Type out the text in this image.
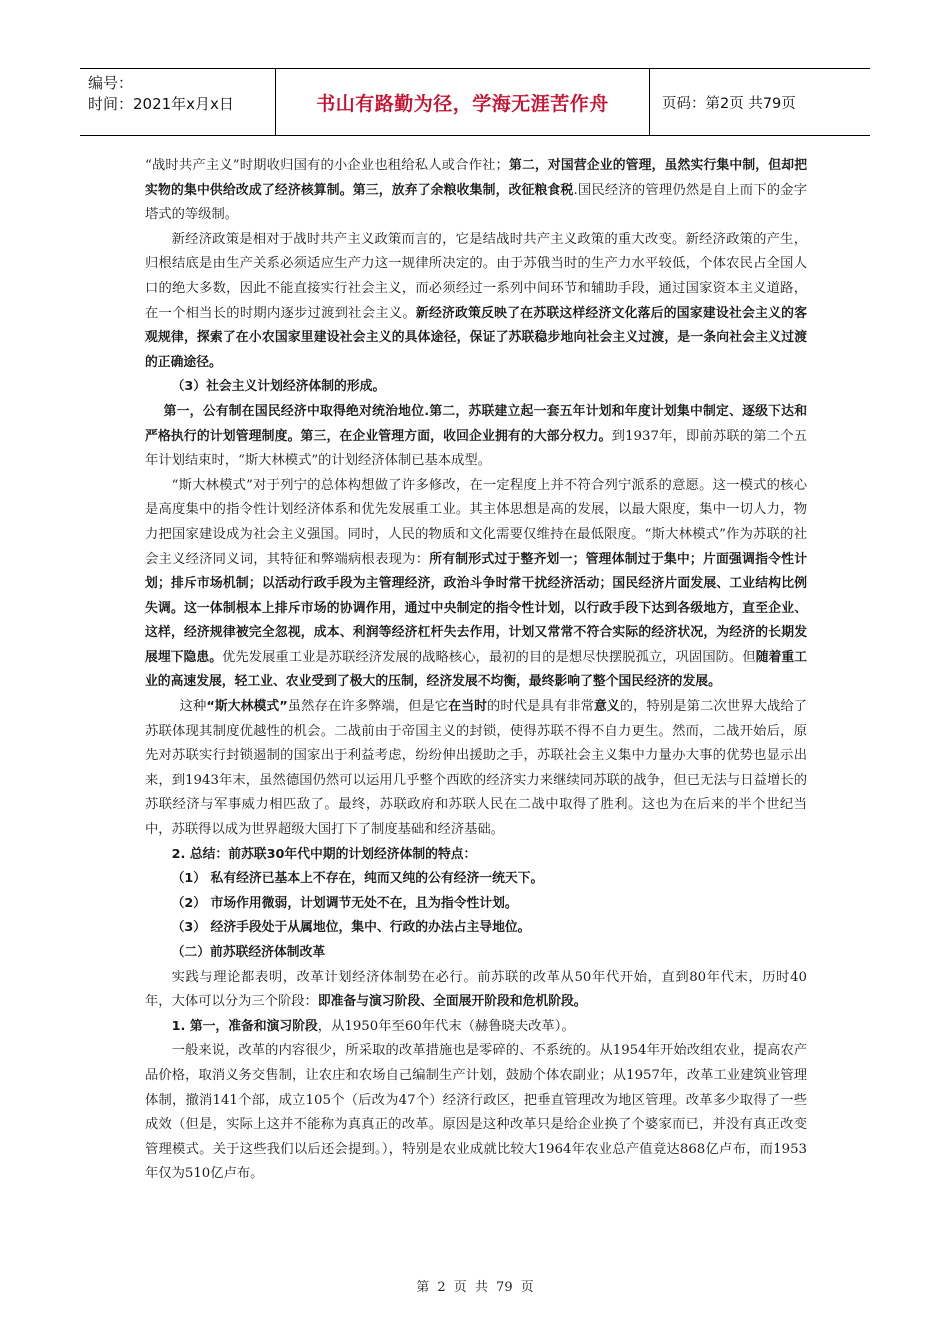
编号：
时间：2021年x月x日	书山有路勤为径，学海无涯苦作舟	页码：第2页 共79页

“战时共产主义”时期收归国有的小企业也租给私人或合作社；第二，对国营企业的管理，虽然实行集中制，但却把实物的集中供给改成了经济核算制。第三，放弃了余粮收集制，改征粮食税.国民经济的管理仍然是自上而下的金字塔式的等级制。

新经济政策是相对于战时共产主义政策而言的，它是结战时共产主义政策的重大改变。新经济政策的产生，归根结底是由生产关系必须适应生产力这一规律所决定的。由于苏俄当时的生产力水平较低，个体农民占全国人口的绝大多数，因此不能直接实行社会主义，而必须经过一系列中间环节和辅助手段，通过国家资本主义道路，在一个相当长的时期内逐步过渡到社会主义。新经济政策反映了在苏联这样经济文化落后的国家建设社会主义的客观规律，探索了在小农国家里建设社会主义的具体途径，保证了苏联稳步地向社会主义过渡，是一条向社会主义过渡的正确途径。

（3）社会主义计划经济体制的形成。

第一，公有制在国民经济中取得绝对统治地位.第二，苏联建立起一套五年计划和年度计划集中制定、逐级下达和严格执行的计划管理制度。第三，在企业管理方面，收回企业拥有的大部分权力。到1937年，即前苏联的第二个五年计划结束时，“斯大林模式”的计划经济体制已基本成型。

“斯大林模式”对于列宁的总体构想做了许多修改，在一定程度上并不符合列宁派系的意愿。这一模式的核心是高度集中的指令性计划经济体系和优先发展重工业。其主体思想是高的发展，以最大限度，集中一切人力，物力把国家建设成为社会主义强国。同时，人民的物质和文化需要仅维持在最低限度。“斯大林模式”作为苏联的社会主义经济同义词，其特征和弊端病根表现为：所有制形式过于整齐划一；管理体制过于集中；片面强调指令性计划；排斥市场机制；以活动行政手段为主管理经济，政治斗争时常干扰经济活动；国民经济片面发展、工业结构比例失调。这一体制根本上排斥市场的协调作用，通过中央制定的指令性计划，以行政手段下达到各级地方，直至企业、这样，经济规律被完全忽视，成本、利润等经济杠杆失去作用，计划又常常不符合实际的经济状况，为经济的长期发展埋下隐患。优先发展重工业是苏联经济发展的战略核心，最初的目的是想尽快摆脱孤立，巩固国防。但随着重工业的高速发展，轻工业、农业受到了极大的压制，经济发展不均衡，最终影响了整个国民经济的发展。

这种“斯大林模式”虽然存在许多弊端，但是它在当时的时代是具有非常意义的，特别是第二次世界大战给了苏联体现其制度优越性的机会。二战前由于帝国主义的封锁，使得苏联不得不自力更生。然而，二战开始后，原先对苏联实行封锁遏制的国家出于利益考虑，纷纷伸出援助之手，苏联社会主义集中力量办大事的优势也显示出来，到1943年末，虽然德国仍然可以运用几乎整个西欧的经济实力来继续同苏联的战争，但已无法与日益增长的苏联经济与军事威力相匹敌了。最终，苏联政府和苏联人民在二战中取得了胜利。这也为在后来的半个世纪当中，苏联得以成为世界超级大国打下了制度基础和经济基础。

2. 总结：前苏联30年代中期的计划经济体制的特点：

（1） 私有经济已基本上不存在，纯而又纯的公有经济一统天下。

（2） 市场作用微弱，计划调节无处不在，且为指令性计划。

（3） 经济手段处于从属地位，集中、行政的办法占主导地位。

（二）前苏联经济体制改革

实践与理论都表明，改革计划经济体制势在必行。前苏联的改革从50年代开始，直到80年代末，历时40年，大体可以分为三个阶段：即准备与演习阶段、全面展开阶段和危机阶段。

1. 第一，准备和演习阶段，从1950年至60年代末（赫鲁晓夫改革）。

一般来说，改革的内容很少，所采取的改革措施也是零碎的、不系统的。从1954年开始改组农业，提高农产品价格，取消义务交售制，让农庄和农场自己编制生产计划，鼓励个体农副业；从1957年，改革工业建筑业管理体制，撤消141个部，成立105个（后改为47个）经济行政区，把垂直管理改为地区管理。改革多少取得了一些成效（但是，实际上这并不能称为真真正的改革。原因是这种改革只是给企业换了个婆家而已，并没有真正改变管理模式。关于这些我们以后还会提到。），特别是农业成就比较大1964年农业总产值竟达868亿卢布，而1953年仅为510亿卢布。

第 2 页 共 79 页
